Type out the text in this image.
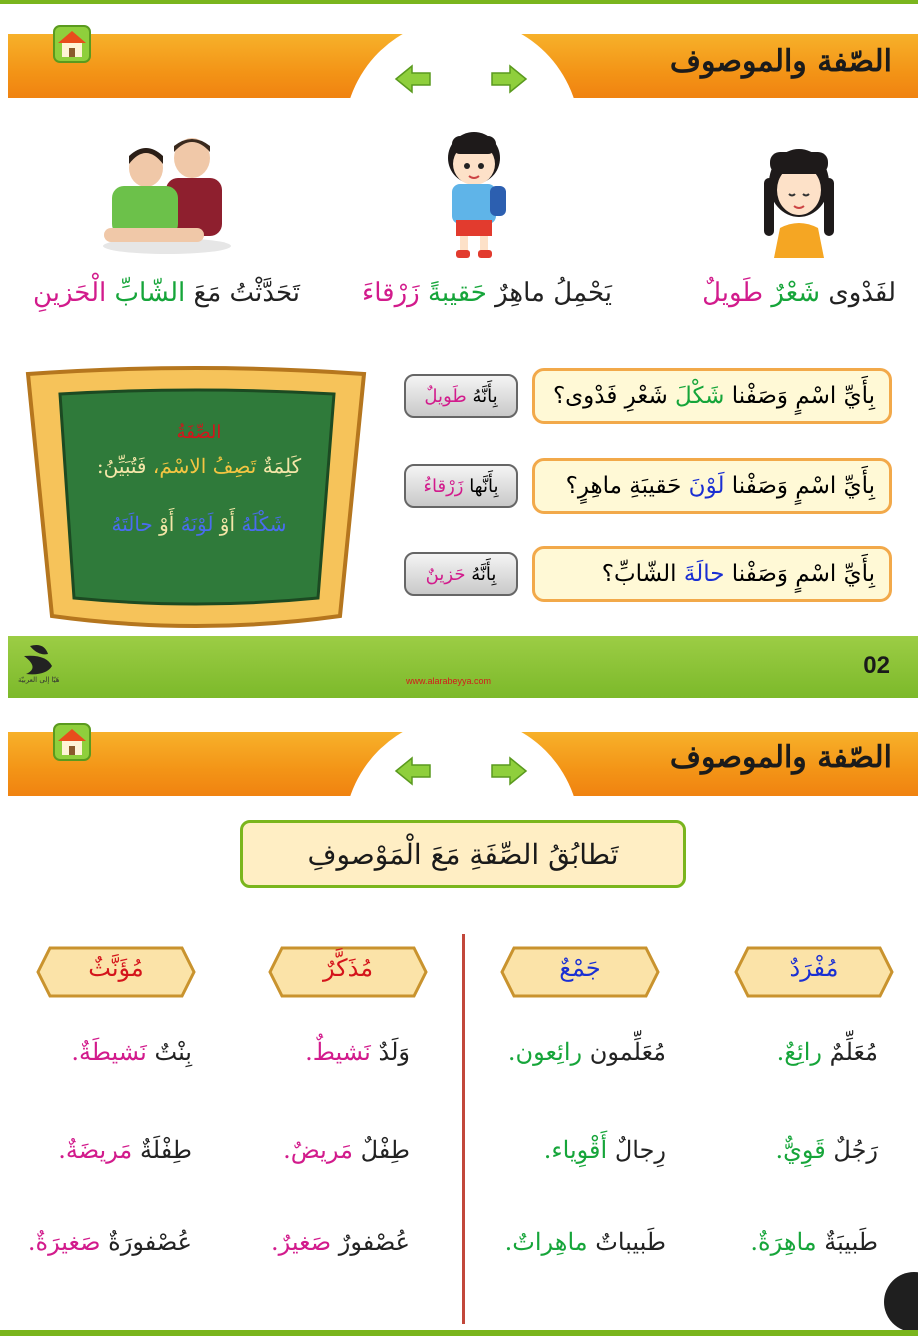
الصّفة والموصوف
لفَدْوى شَعْرٌ طَويلٌ
يَحْمِلُ ماهِرٌ حَقيبةً زَرْقاءَ
تَحَدَّثْتُ مَعَ الشّابِّ الْحَزينِ
الصِّفَةُ
كَلِمَةٌ تَصِفُ الاسْمَ، فَتُبَيِّنُ:
شَكْلَهُ أَوْ لَوْنَهُ أَوْ حالَتَهُ
بِأَيِّ اسْمٍ وَصَفْنا

شَكْلَ

شَعْرِ فَدْوى؟
بِأَنَّهُ

طَويلٌ
بِأَيِّ اسْمٍ وَصَفْنا

لَوْنَ

حَقيبَةِ ماهِرٍ؟
بِأَنَّها

زَرْقاءُ
بِأَيِّ اسْمٍ وَصَفْنا

حالَةَ

الشّابِّ؟
بِأَنَّهُ

حَزينٌ
هَيّا إلى العربيّة	www.alarabeyya.com
02
الصّفة والموصوف
تَطابُقُ الصِّفَةِ مَعَ الْمَوْصوفِ
مُفْرَدٌ
جَمْعٌ
مُذَكَّرٌ
مُؤَنَّثٌ
مُعَلِّمٌ رائِعٌ.
رَجُلٌ قَوِيٌّ.
طَبيبَةٌ ماهِرَةٌ.
مُعَلِّمون رائِعون.
رِجالٌ أَقْوِياء.
طَبيباتٌ ماهِراتٌ.
وَلَدٌ نَشيطٌ.
طِفْلٌ مَريضٌ.
عُصْفورٌ صَغيرٌ.
بِنْتٌ نَشيطَةٌ.
طِفْلَةٌ مَريضَةٌ.
عُصْفورَةٌ صَغيرَةٌ.
